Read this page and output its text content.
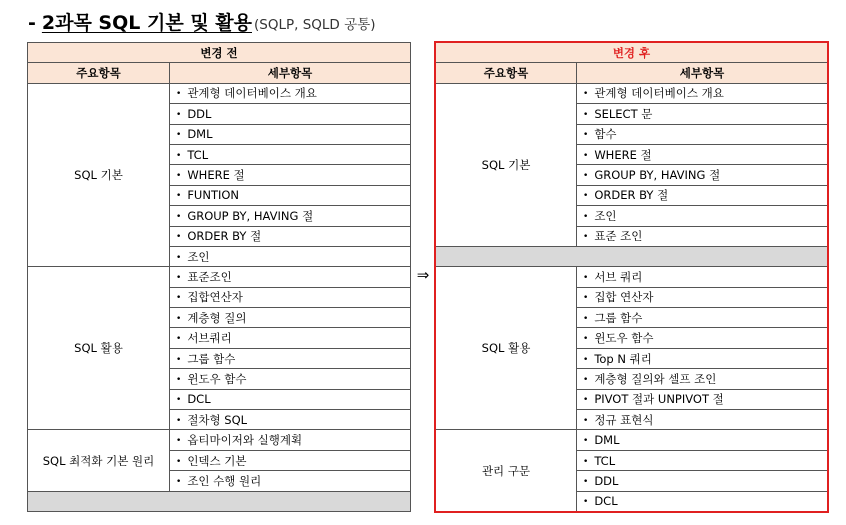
- 2과목 SQL 기본 및 활용 (SQLP, SQLD 공통)
변경 전	
주요항목	세부항목
SQL 기본	• 관계형 데이터베이스 개요
	• DDL
	• DML
	• TCL
	• WHERE 절
	• FUNTION
	• GROUP BY, HAVING 절
	• ORDER BY 절
	• 조인
SQL 활용	• 표준조인
	• 집합연산자
	• 계층형 질의
	• 서브쿼리
	• 그룹 함수
	• 윈도우 함수
	• DCL
	• 절차형 SQL
SQL 최적화 기본 원리	• 옵티마이저와 실행계획
	• 인덱스 기본
	• 조인 수행 원리

⇒
변경 후	
주요항목	세부항목
SQL 기본	• 관계형 데이터베이스 개요
	• SELECT 문
	• 함수
	• WHERE 절
	• GROUP BY, HAVING 절
	• ORDER BY 절
	• 조인
	• 표준 조인

SQL 활용	• 서브 쿼리
	• 집합 연산자
	• 그룹 함수
	• 윈도우 함수
	• Top N 쿼리
	• 계층형 질의와 셀프 조인
	• PIVOT 절과 UNPIVOT 절
	• 정규 표현식
관리 구문	• DML
	• TCL
	• DDL
	• DCL
